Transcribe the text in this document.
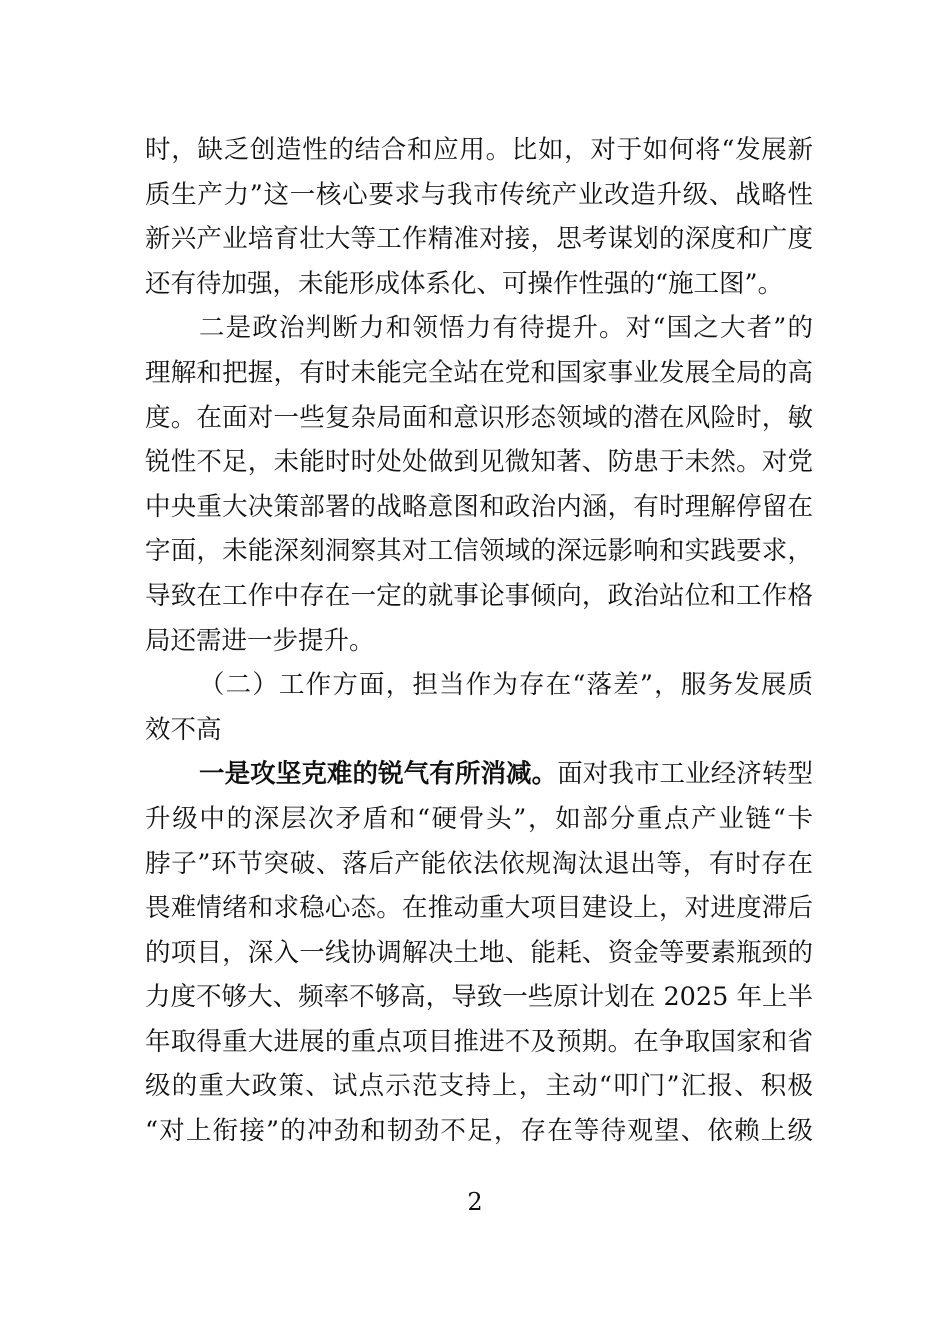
时，缺乏创造性的结合和应用。比如，对于如何将“发展新
质生产力”这一核心要求与我市传统产业改造升级、战略性
新兴产业培育壮大等工作精准对接，思考谋划的深度和广度
还有待加强，未能形成体系化、可操作性强的“施工图”。
二是政治判断力和领悟力有待提升。对“国之大者”的
理解和把握，有时未能完全站在党和国家事业发展全局的高
度。在面对一些复杂局面和意识形态领域的潜在风险时，敏
锐性不足，未能时时处处做到见微知著、防患于未然。对党
中央重大决策部署的战略意图和政治内涵，有时理解停留在
字面，未能深刻洞察其对工信领域的深远影响和实践要求，
导致在工作中存在一定的就事论事倾向，政治站位和工作格
局还需进一步提升。
（二）工作方面，担当作为存在“落差”，服务发展质
效不高
一是攻坚克难的锐气有所消减。面对我市工业经济转型
升级中的深层次矛盾和“硬骨头”，如部分重点产业链“卡
脖子”环节突破、落后产能依法依规淘汰退出等，有时存在
畏难情绪和求稳心态。在推动重大项目建设上，对进度滞后
的项目，深入一线协调解决土地、能耗、资金等要素瓶颈的
力度不够大、频率不够高，导致一些原计划在 2025 年上半
年取得重大进展的重点项目推进不及预期。在争取国家和省
级的重大政策、试点示范支持上，主动“叩门”汇报、积极
“对上衔接”的冲劲和韧劲不足，存在等待观望、依赖上级
2
